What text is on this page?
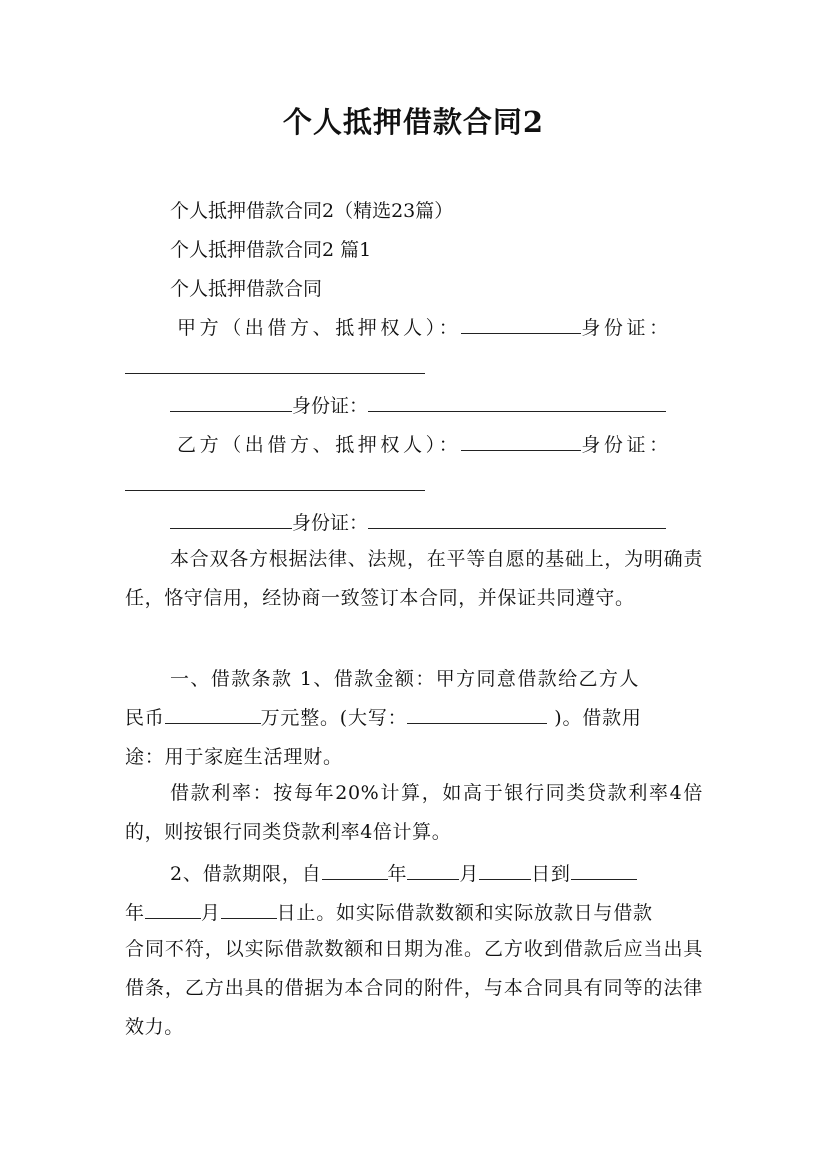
个人抵押借款合同2

个人抵押借款合同2（精选23篇）

个人抵押借款合同2 篇1

个人抵押借款合同

甲方（出借方、抵押权人）：	身份证：

身份证：

乙方（出借方、抵押权人）：	身份证：

身份证：

本合双各方根据法律、法规，在平等自愿的基础上，为明确责任，恪守信用，经协商一致签订本合同，并保证共同遵守。

一、借款条款 1、借款金额：甲方同意借款给乙方人

民币	万元整。(大写：	)。借款用

途：用于家庭生活理财。

借款利率：按每年20%计算，如高于银行同类贷款利率4倍的，则按银行同类贷款利率4倍计算。

2、借款期限，自	年	月	日到

年	月	日止。如实际借款数额和实际放款日与借款

合同不符，以实际借款数额和日期为准。乙方收到借款后应当出具借条，乙方出具的借据为本合同的附件，与本合同具有同等的法律效力。
